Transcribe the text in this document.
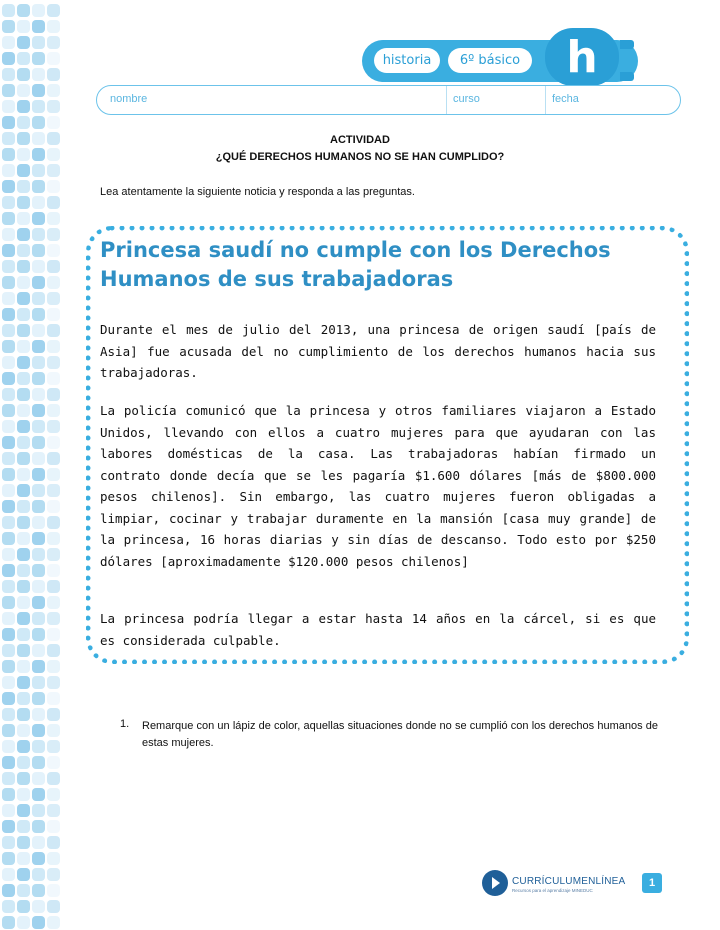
historia	6º básico	h
nombre	curso	fecha
ACTIVIDAD
¿QUÉ DERECHOS HUMANOS NO SE HAN CUMPLIDO?
Lea atentamente la siguiente noticia y responda a las preguntas.
Princesa saudí no cumple con los Derechos Humanos de sus trabajadoras

Durante el mes de julio del 2013, una princesa de origen saudí [país de Asia] fue acusada del no cumplimiento de los derechos humanos hacia sus trabajadoras.

La policía comunicó que la princesa y otros familiares viajaron a Estado Unidos, llevando con ellos a cuatro mujeres para que ayudaran con las labores domésticas de la casa. Las trabajadoras habían firmado un contrato donde decía que se les pagaría $1.600 dólares [más de $800.000 pesos chilenos]. Sin embargo, las cuatro mujeres fueron obligadas a limpiar, cocinar y trabajar duramente en la mansión [casa muy grande] de la princesa, 16 horas diarias y sin días de descanso. Todo esto por $250 dólares [aproximadamente $120.000 pesos chilenos]

La princesa podría llegar a estar hasta 14 años en la cárcel, si es que es considerada culpable.

1. Remarque con un lápiz de color, aquellas situaciones donde no se cumplió con los derechos humanos de estas mujeres.

CURRÍCULUMENLÍNEA
Recursos para el aprendizaje MINEDUC
1
